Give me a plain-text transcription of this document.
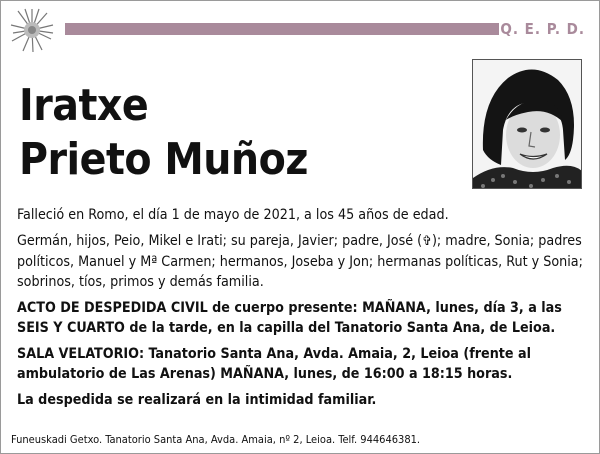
Q. E. P. D.
Iratxe
Prieto Muñoz

Falleció en Romo, el día 1 de mayo de 2021, a los 45 años de edad.

Germán, hijos, Peio, Mikel e Irati; su pareja, Javier; padre, José (✞); madre, Sonia; padres políticos, Manuel y Mª Carmen; hermanos, Joseba y Jon; hermanas políticas, Rut y Sonia; sobrinos, tíos, primos y demás familia.

ACTO DE DESPEDIDA CIVIL de cuerpo presente: MAÑANA, lunes, día 3, a las SEIS Y CUARTO de la tarde, en la capilla del Tanatorio Santa Ana, de Leioa.

SALA VELATORIO: Tanatorio Santa Ana, Avda. Amaia, 2, Leioa (frente al ambulatorio de Las Arenas) MAÑANA, lunes, de 16:00 a 18:15 horas.

La despedida se realizará en la intimidad familiar.

Funeuskadi Getxo. Tanatorio Santa Ana, Avda. Amaia, nº 2, Leioa. Telf. 944646381.
